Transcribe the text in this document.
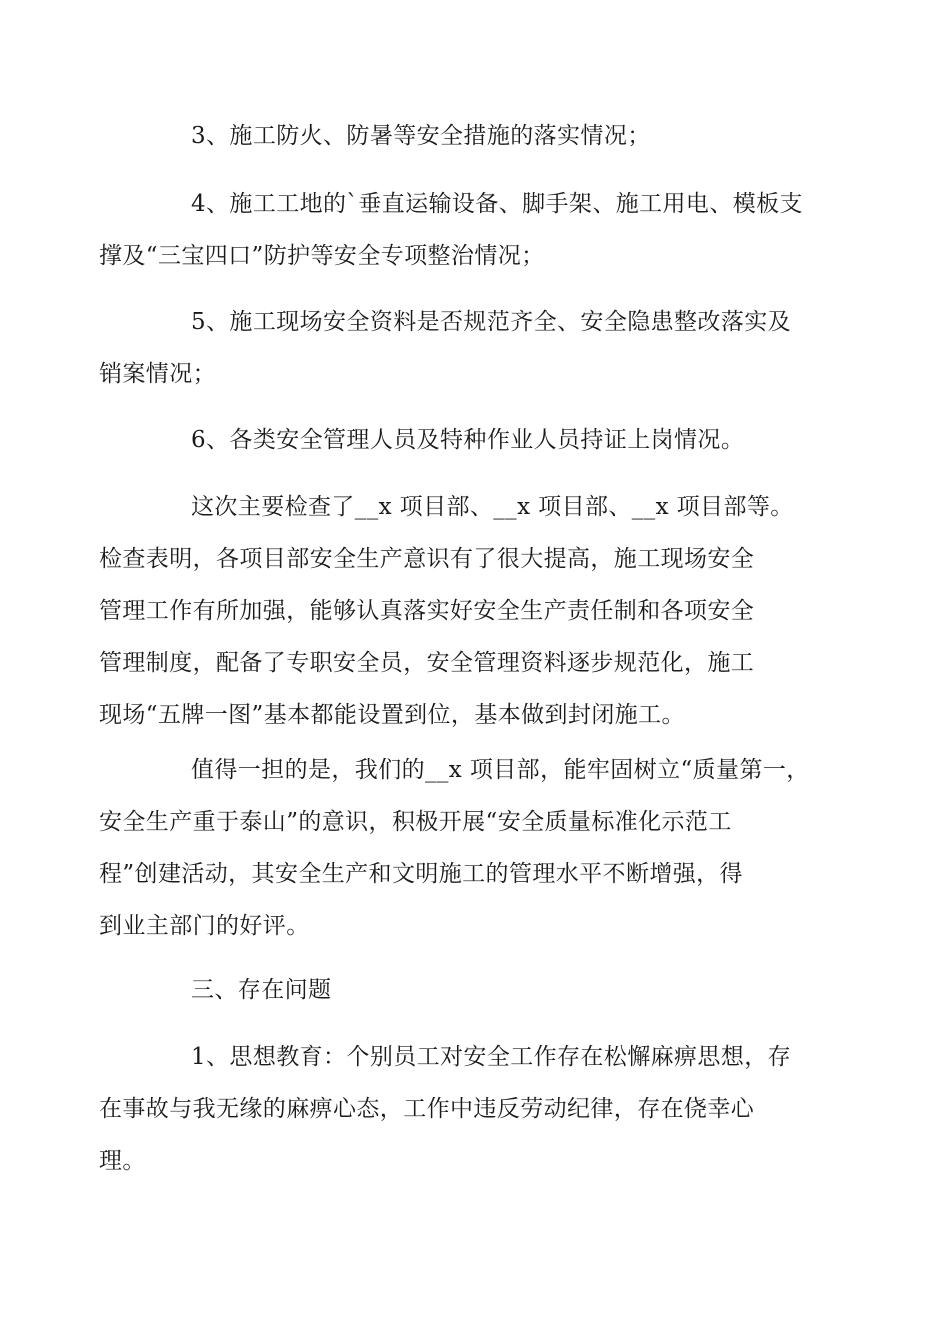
3、施工防火、防暑等安全措施的落实情况；
4、施工工地的`垂直运输设备、脚手架、施工用电、模板支
撑及“三宝四口”防护等安全专项整治情况；
5、施工现场安全资料是否规范齐全、安全隐患整改落实及
销案情况；
6、各类安全管理人员及特种作业人员持证上岗情况。
这次主要检查了__x 项目部、__x 项目部、__x 项目部等。
检查表明，各项目部安全生产意识有了很大提高，施工现场安全
管理工作有所加强，能够认真落实好安全生产责任制和各项安全
管理制度，配备了专职安全员，安全管理资料逐步规范化，施工
现场“五牌一图”基本都能设置到位，基本做到封闭施工。
值得一担的是，我们的__x 项目部，能牢固树立“质量第一，
安全生产重于泰山”的意识，积极开展“安全质量标准化示范工
程”创建活动，其安全生产和文明施工的管理水平不断增强，得
到业主部门的好评。
三、存在问题
1、思想教育：个别员工对安全工作存在松懈麻痹思想，存
在事故与我无缘的麻痹心态，工作中违反劳动纪律，存在侥幸心
理。
